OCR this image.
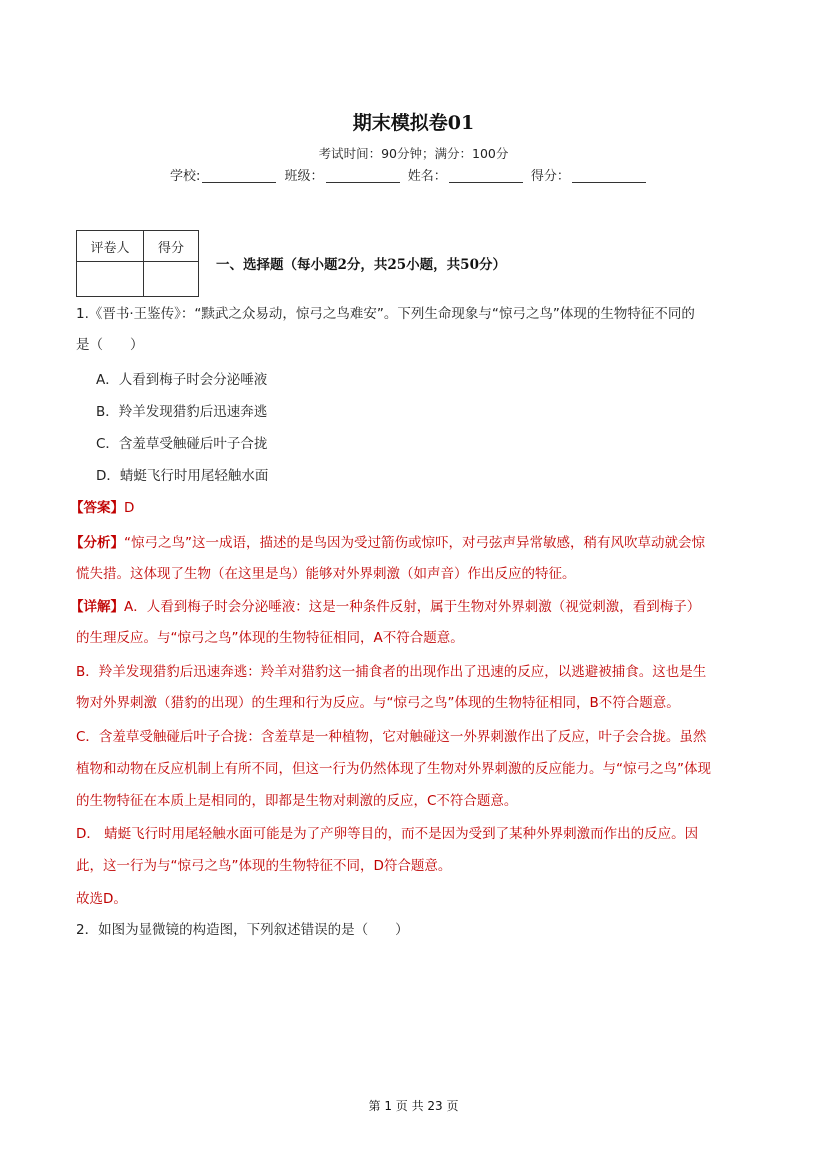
期末模拟卷01
考试时间：90分钟；满分：100分
学校:	班级：	姓名：	得分：
评卷人	得分

一、选择题（每小题2分，共25小题，共50分）
1.《晋书·王鉴传》：“黩武之众易动，惊弓之鸟难安”。下列生命现象与“惊弓之鸟”体现的生物特征不同的
是（　　）
A．人看到梅子时会分泌唾液
B．羚羊发现猎豹后迅速奔逃
C．含羞草受触碰后叶子合拢
D．蜻蜓飞行时用尾轻触水面
【答案】D
【分析】“惊弓之鸟”这一成语，描述的是鸟因为受过箭伤或惊吓，对弓弦声异常敏感，稍有风吹草动就会惊
慌失措。这体现了生物（在这里是鸟）能够对外界刺激（如声音）作出反应的特征。
【详解】A．人看到梅子时会分泌唾液：这是一种条件反射，属于生物对外界刺激（视觉刺激，看到梅子）
的生理反应。与“惊弓之鸟”体现的生物特征相同，A不符合题意。
B．羚羊发现猎豹后迅速奔逃：羚羊对猎豹这一捕食者的出现作出了迅速的反应，以逃避被捕食。这也是生
物对外界刺激（猎豹的出现）的生理和行为反应。与“惊弓之鸟”体现的生物特征相同，B不符合题意。
C．含羞草受触碰后叶子合拢：含羞草是一种植物，它对触碰这一外界刺激作出了反应，叶子会合拢。虽然
植物和动物在反应机制上有所不同，但这一行为仍然体现了生物对外界刺激的反应能力。与“惊弓之鸟”体现
的生物特征在本质上是相同的，即都是生物对刺激的反应，C不符合题意。
D． 蜻蜓飞行时用尾轻触水面可能是为了产卵等目的，而不是因为受到了某种外界刺激而作出的反应。因
此，这一行为与“惊弓之鸟”体现的生物特征不同，D符合题意。
故选D。
2．如图为显微镜的构造图，下列叙述错误的是（　　）
第 1 页 共 23 页
